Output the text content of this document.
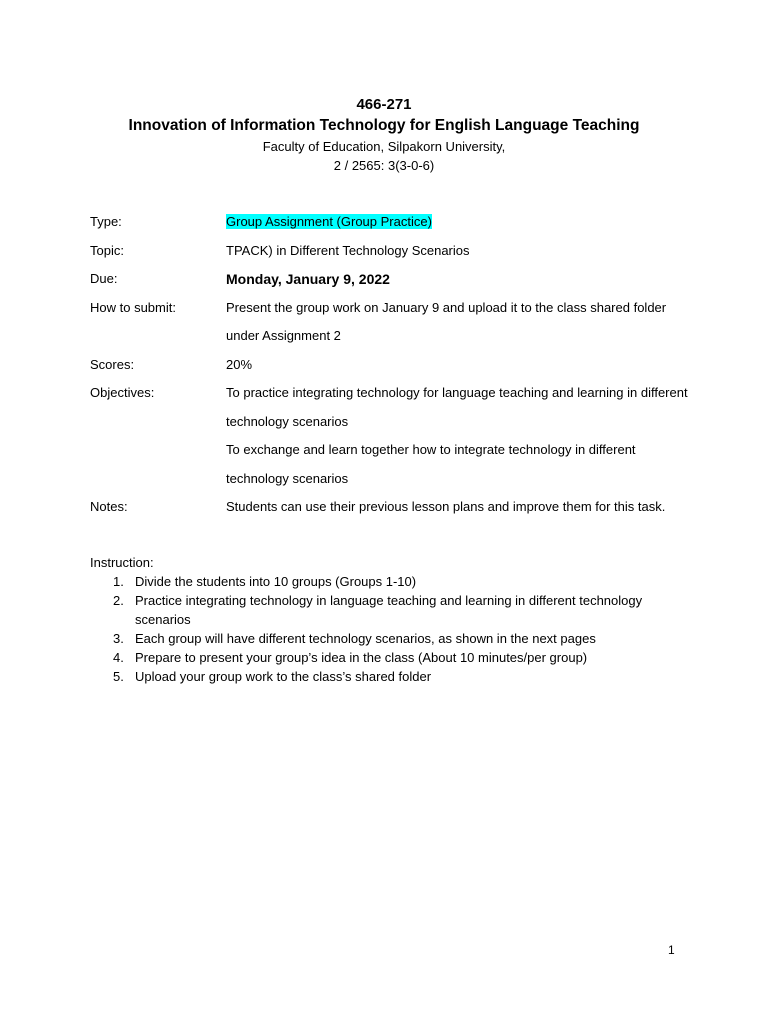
466-271
Innovation of Information Technology for English Language Teaching
Faculty of Education, Silpakorn University,
2 / 2565: 3(3-0-6)
Type:	Group Assignment (Group Practice)
Topic:	TPACK) in Different Technology Scenarios
Due:	Monday, January 9, 2022
How to submit:	Present the group work on January 9 and upload it to the class shared folder under Assignment 2
Scores:	20%
Objectives:	To practice integrating technology for language teaching and learning in different technology scenarios

To exchange and learn together how to integrate technology in different technology scenarios

Notes:	Students can use their previous lesson plans and improve them for this task.
Instruction:
1. Divide the students into 10 groups (Groups 1-10)
2. Practice integrating technology in language teaching and learning in different technology scenarios
3. Each group will have different technology scenarios, as shown in the next pages
4. Prepare to present your group’s idea in the class (About 10 minutes/per group)
5. Upload your group work to the class’s shared folder
1
